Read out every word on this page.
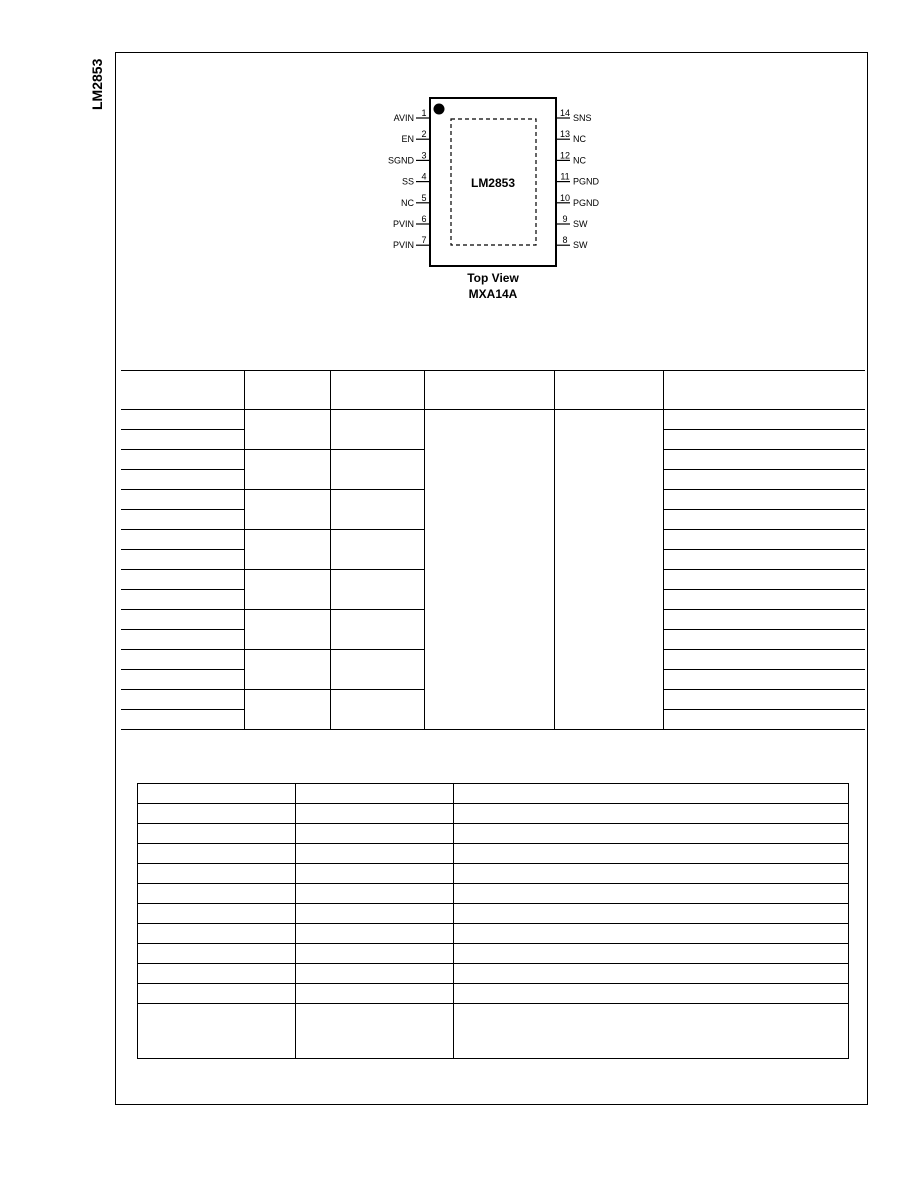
LM2853
LM2853
1
AVIN
2
EN
3
SGND
4
SS
5
NC
6
PVIN
7
PVIN
14 SNS
13 NC
12 NC
11 PGND
10 PGND
9 SW
8 SW
Top View
MXA14A
